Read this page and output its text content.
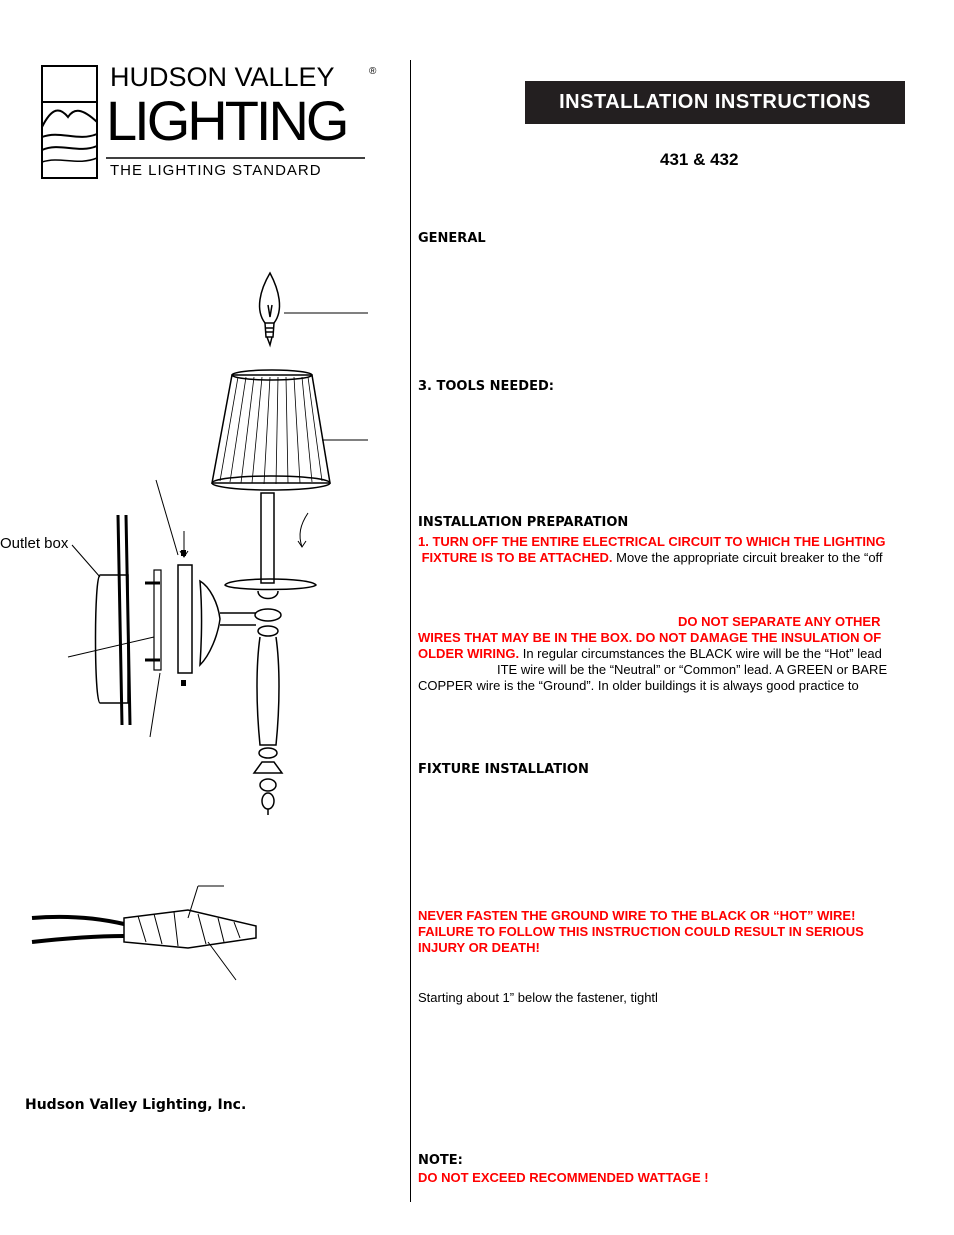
HUDSON VALLEY	®
LIGHTING
THE LIGHTING STANDARD
INSTALLATION INSTRUCTIONS
431 & 432
GENERAL
3. TOOLS NEEDED:
INSTALLATION PREPARATION
1. TURN OFF THE ENTIRE ELECTRICAL CIRCUIT TO WHICH THE LIGHTING
FIXTURE IS TO BE ATTACHED. Move the appropriate circuit breaker to the “off
DO NOT SEPARATE ANY OTHER
WIRES THAT MAY BE IN THE BOX. DO NOT DAMAGE THE INSULATION OF
OLDER WIRING. In regular circumstances the BLACK wire will be the “Hot” lead
ITE wire will be the “Neutral” or “Common” lead. A GREEN or BARE
COPPER wire is the “Ground”. In older buildings it is always good practice to
FIXTURE INSTALLATION
NEVER FASTEN THE GROUND WIRE TO THE BLACK OR “HOT” WIRE!
FAILURE TO FOLLOW THIS INSTRUCTION COULD RESULT IN SERIOUS
INJURY OR DEATH!
Starting about 1” below the fastener, tightl
NOTE:
DO NOT EXCEED RECOMMENDED WATTAGE !
Outlet box
Hudson Valley Lighting, Inc.
